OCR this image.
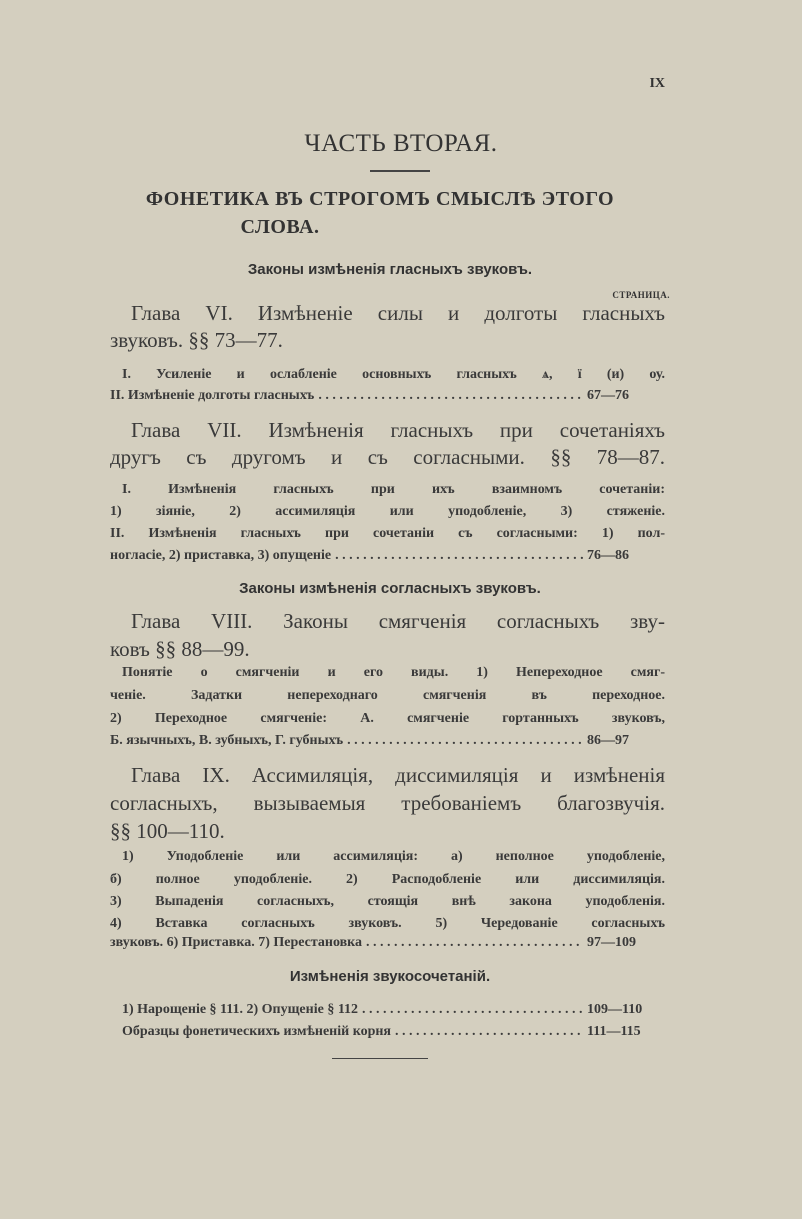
IX
ЧАСТЬ ВТОРАЯ.
ФОНЕТИКА ВЪ СТРОГОМЪ СМЫСЛѢ ЭТОГО
СЛОВА.
Законы измѣненія гласныхъ звуковъ.
СТРАНИЦА.
Глава VI. Измѣненіе силы и долготы гласныхъ
звуковъ. §§ 73—77.
I. Усиленіе и ослабленіе основныхъ гласныхъ ѧ, ї (и) оу.
II. Измѣненіе долготы гласныхъ . . .	67—76
Глава VII. Измѣненія гласныхъ при сочетаніяхъ
другъ съ другомъ и съ согласными. §§ 78—87.
I. Измѣненія гласныхъ при ихъ взаимномъ сочетаніи:
1) зіяніе, 2) ассимиляція или уподобленіе, 3) стяженіе.
II. Измѣненія гласныхъ при сочетаніи съ согласными: 1) пол-
ногласіе, 2) приставка, 3) опущеніе . . .	76—86
Законы измѣненія согласныхъ звуковъ.
Глава VIII. Законы смягченія согласныхъ зву-
ковъ §§ 88—99.
Понятіе о смягченіи и его виды. 1) Непереходное смяг-
ченіе. Задатки непереходнаго смягченія въ переходное.
2) Переходное смягченіе: А. смягченіе гортанныхъ звуковъ,
Б. язычныхъ, В. зубныхъ, Г. губныхъ . . .	86—97
Глава IX. Ассимиляція, диссимиляція и измѣненія
согласныхъ, вызываемыя требованіемъ благозвучія.
§§ 100—110.
1) Уподобленіе или ассимиляція: а) неполное уподобленіе,
б) полное уподобленіе. 2) Расподобленіе или диссимиляція.
3) Выпаденія согласныхъ, стоящія внѣ закона уподобленія.
4) Вставка согласныхъ звуковъ. 5) Чередованіе согласныхъ
звуковъ. 6) Приставка. 7) Перестановка . . .	97—109
Измѣненія звукосочетаній.
1) Нарощеніе § 111. 2) Опущеніе § 112 . . .	109—110
Образцы фонетическихъ измѣненій корня . . .	111—115
